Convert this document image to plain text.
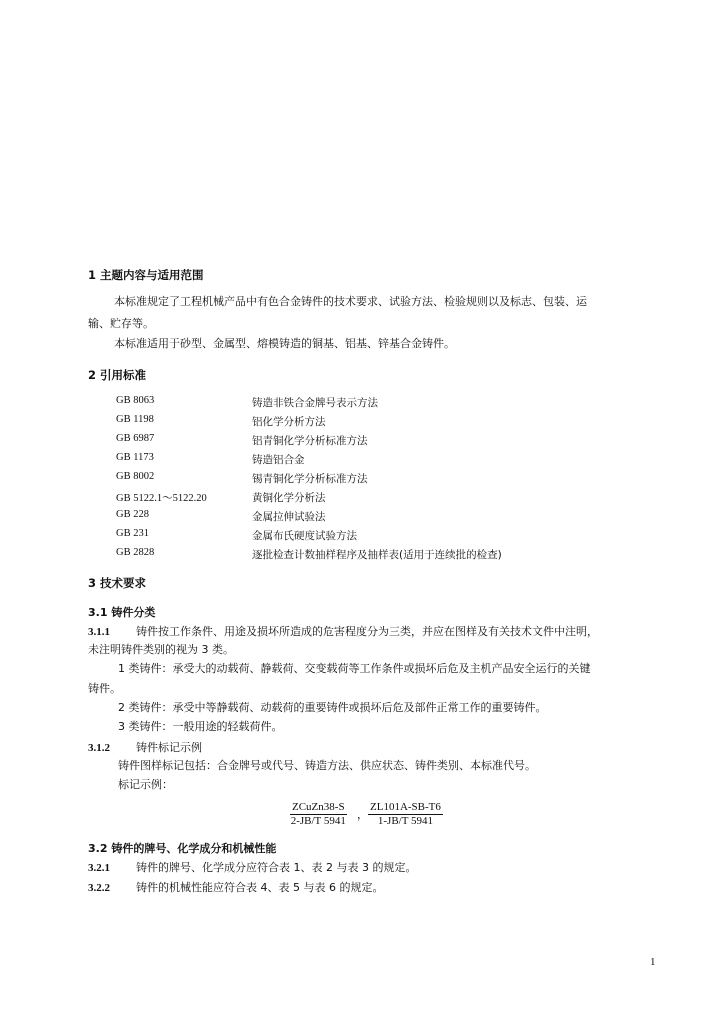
1 主题内容与适用范围
本标准规定了工程机械产品中有色合金铸件的技术要求、试验方法、检验规则以及标志、包装、运
输、贮存等。
本标准适用于砂型、金属型、熔模铸造的铜基、铝基、锌基合金铸件。
2 引用标准
GB 8063	铸造非铁合金牌号表示方法
GB 1198	铝化学分析方法
GB 6987	铝青铜化学分析标准方法
GB 1173	铸造铝合金
GB 8002	锡青铜化学分析标准方法
GB 5122.1～5122.20	黄铜化学分析法
GB 228	金属拉伸试验法
GB 231	金属布氏硬度试验方法
GB 2828	逐批检查计数抽样程序及抽样表(适用于连续批的检查)
3 技术要求
3.1 铸件分类
3.1.1 铸件按工作条件、用途及损坏所造成的危害程度分为三类，并应在图样及有关技术文件中注明，
未注明铸件类别的视为 3 类。
1 类铸件：承受大的动载荷、静载荷、交变载荷等工作条件或损坏后危及主机产品安全运行的关键
铸件。
2 类铸件：承受中等静载荷、动载荷的重要铸件或损坏后危及部件正常工作的重要铸件。
3 类铸件：一般用途的轻载荷件。
3.1.2 铸件标记示例
铸件图样标记包括：合金牌号或代号、铸造方法、供应状态、铸件类别、本标准代号。
标记示例：
ZCuZn38-S
2-JB/T 5941 ， $\frac{ZL101A-SB-T6}{1-JB/T 5941}$
3.2 铸件的牌号、化学成分和机械性能
3.2.1 铸件的牌号、化学成分应符合表 1、表 2 与表 3 的规定。
3.2.2 铸件的机械性能应符合表 4、表 5 与表 6 的规定。
1
